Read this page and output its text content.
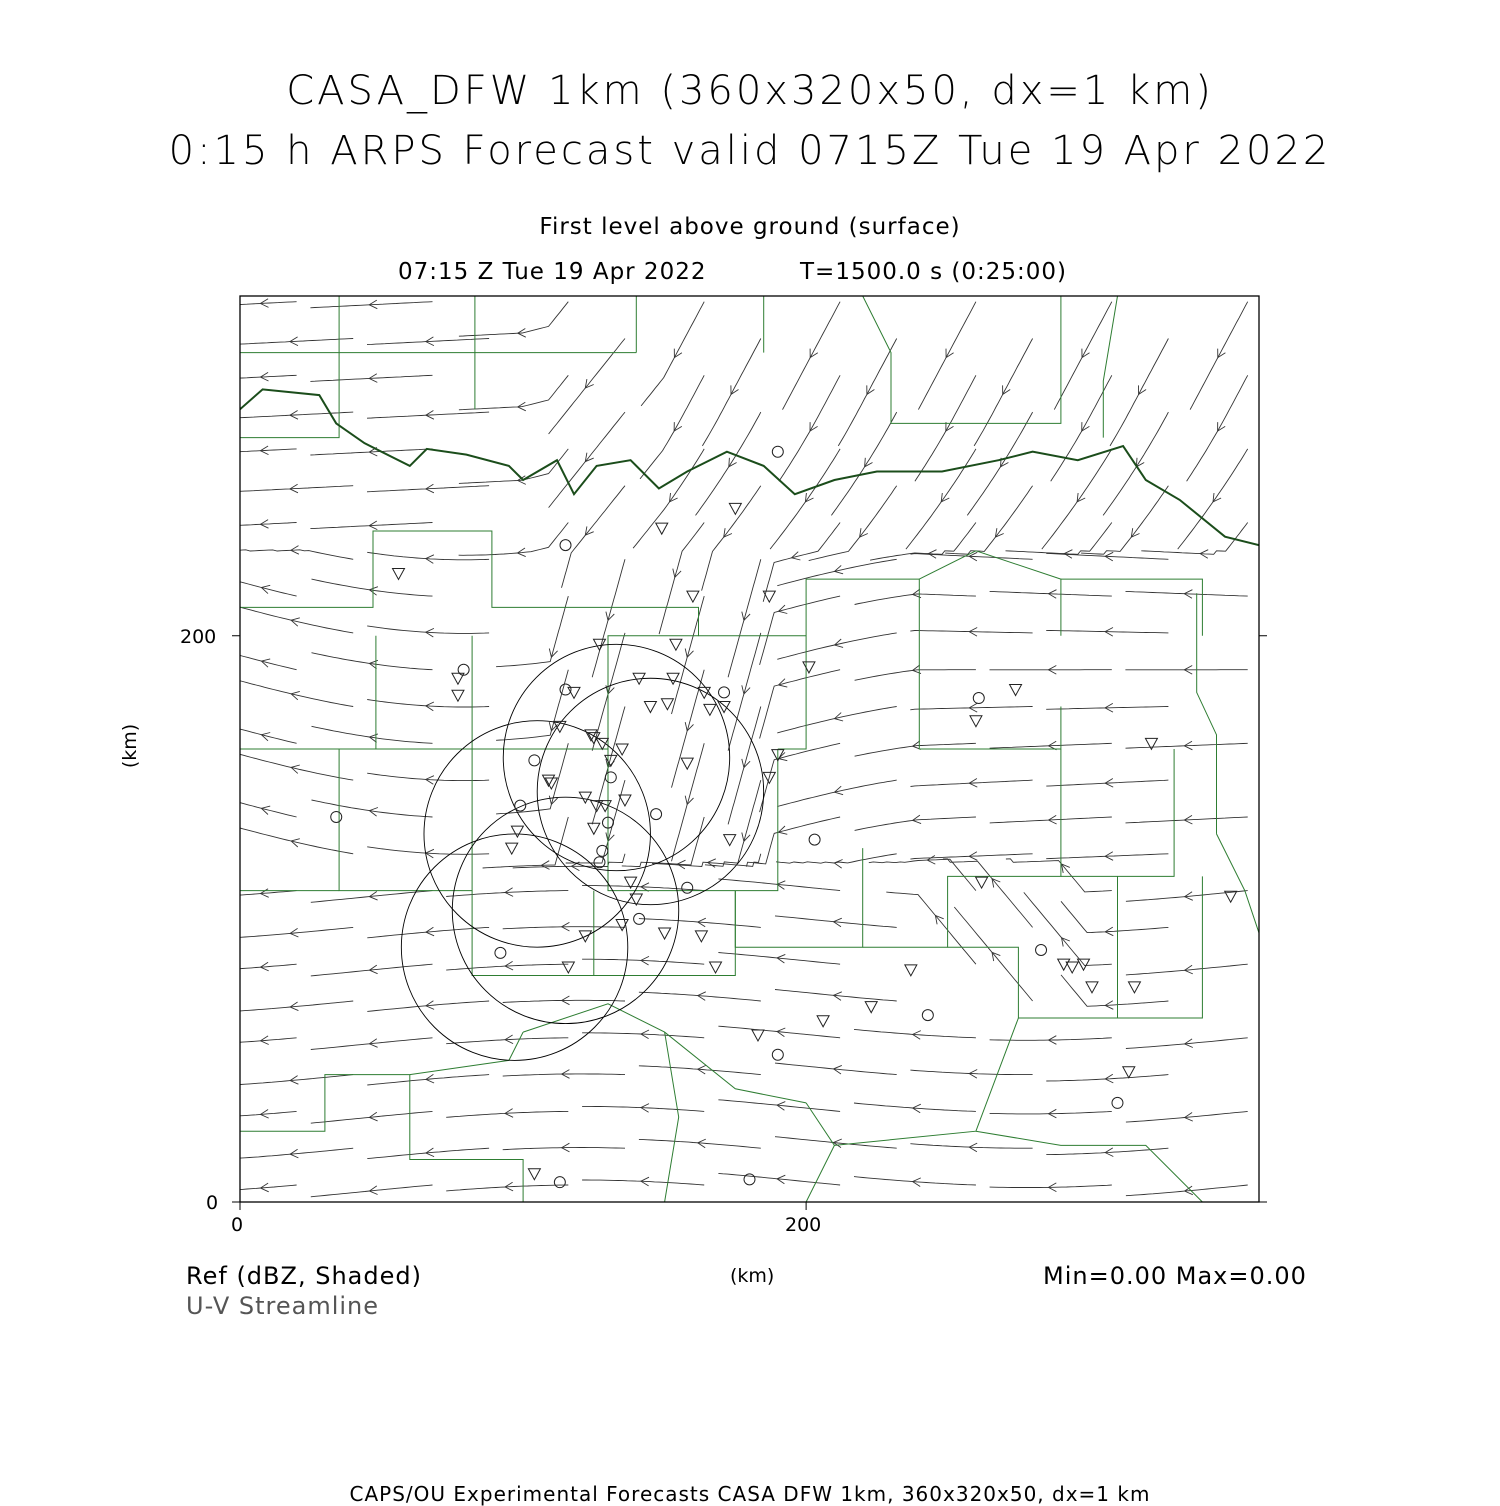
CASA_DFW 1km (360x320x50, dx=1 km)
0:15 h ARPS Forecast valid 0715Z Tue 19 Apr 2022
First level above ground (surface)
07:15 Z Tue 19 Apr 2022	T=1500.0 s (0:25:00)
0
200
0	200
(km)
(km)
Ref (dBZ, Shaded)
U-V Streamline
Min=0.00 Max=0.00
CAPS/OU Experimental Forecasts CASA DFW 1km, 360x320x50, dx=1 km
